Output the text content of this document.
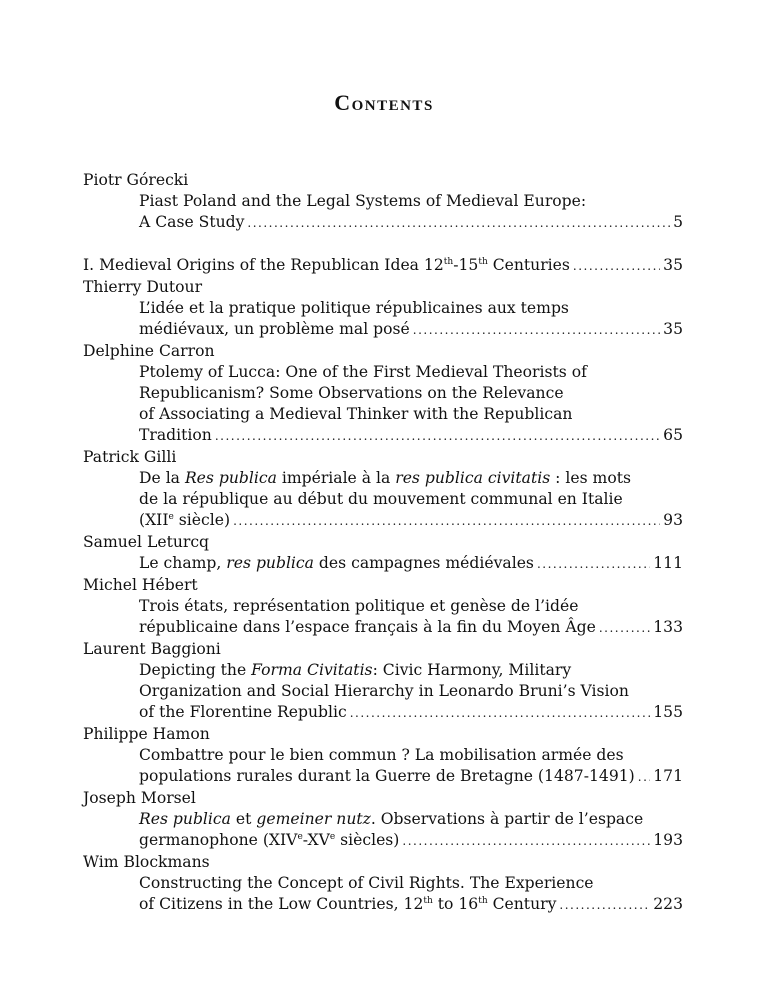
Contents
Piotr Górecki
Piast Poland and the Legal Systems of Medieval Europe:
A Case Study .....	5
I. Medieval Origins of the Republican Idea 12th-15th Centuries .....	35
Thierry Dutour
L’idée et la pratique politique républicaines aux temps
médiévaux, un problème mal posé .....	35
Delphine Carron
Ptolemy of Lucca: One of the First Medieval Theorists of
Republicanism? Some Observations on the Relevance
of Associating a Medieval Thinker with the Republican
Tradition .....	65
Patrick Gilli
De la Res publica impériale à la res publica civitatis : les mots
de la république au début du mouvement communal en Italie
(XIIe siècle) .....	93
Samuel Leturcq
Le champ, res publica des campagnes médiévales .....	111
Michel Hébert
Trois états, représentation politique et genèse de l’idée
républicaine dans l’espace français à la fin du Moyen Âge .....	133
Laurent Baggioni
Depicting the Forma Civitatis: Civic Harmony, Military
Organization and Social Hierarchy in Leonardo Bruni’s Vision
of the Florentine Republic .....	155
Philippe Hamon
Combattre pour le bien commun ? La mobilisation armée des
populations rurales durant la Guerre de Bretagne (1487-1491) ..... 171
Joseph Morsel
Res publica et gemeiner nutz. Observations à partir de l’espace
germanophone (XIVe-XVe siècles) .....	193
Wim Blockmans
Constructing the Concept of Civil Rights. The Experience
of Citizens in the Low Countries, 12th to 16th Century .....	223
